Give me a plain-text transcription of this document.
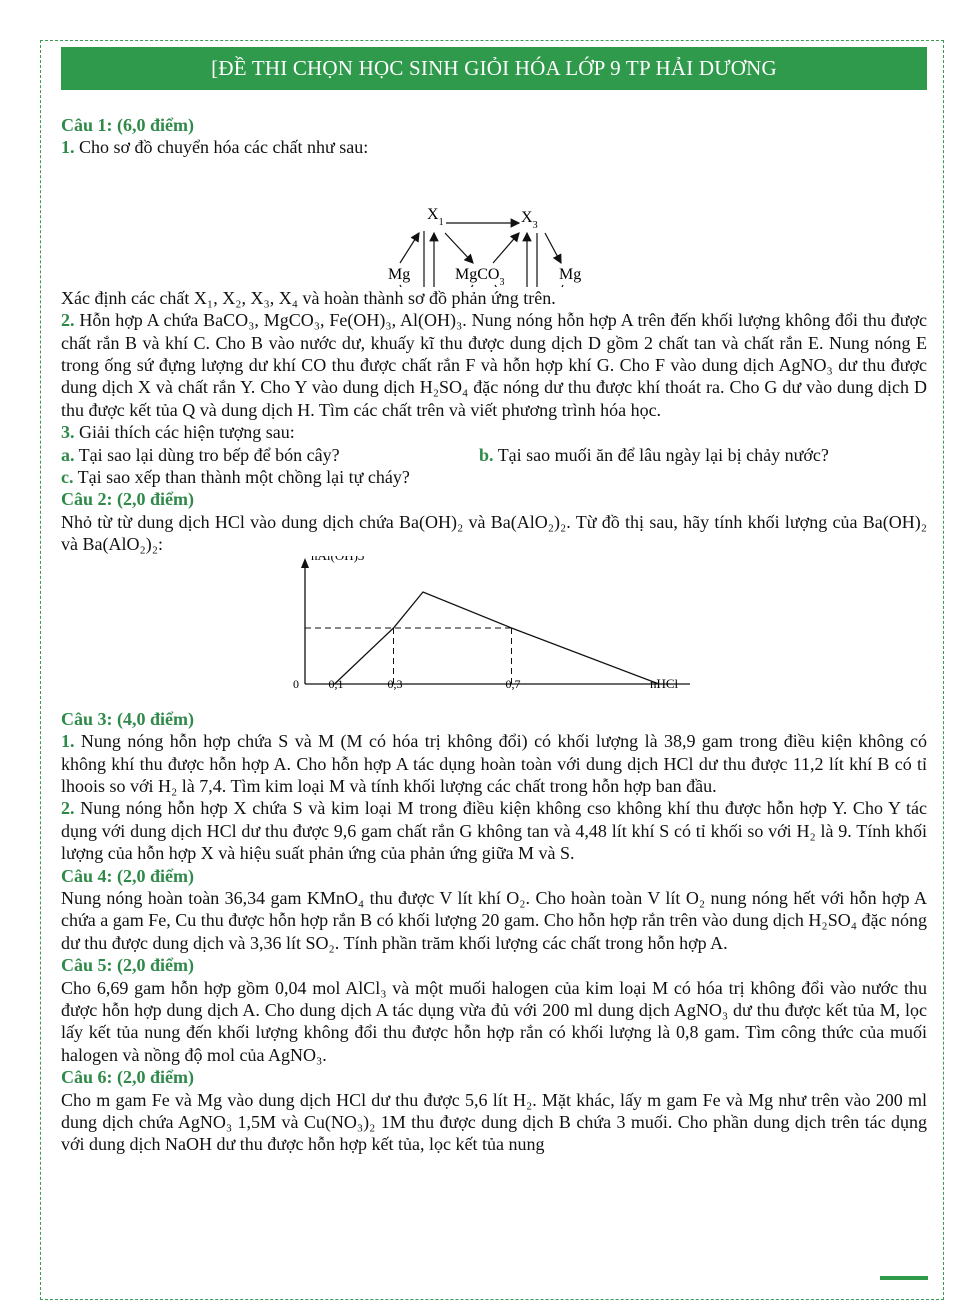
[ĐỀ THI CHỌN HỌC SINH GIỎI HÓA LỚP 9 TP HẢI DƯƠNG

Câu 1: (6,0 điểm)

1. Cho sơ đồ chuyển hóa các chất như sau:

$X_1$	$X_3$
Mg	MgCO$_3$	Mg

Xác định các chất X₁, X₂, X₃, X₄ và hoàn thành sơ đồ phản ứng trên.

2. Hỗn hợp A chứa BaCO₃, MgCO₃, Fe(OH)₃, Al(OH)₃. Nung nóng hỗn hợp A trên đến khối lượng không đổi thu được chất rắn B và khí C. Cho B vào nước dư, khuấy kĩ thu được dung dịch D gồm 2 chất tan và chất rắn E. Nung nóng E trong ống sứ đựng lượng dư khí CO thu được chất rắn F và hỗn hợp khí G. Cho F vào dung dịch AgNO₃ dư thu được dung dịch X và chất rắn Y. Cho Y vào dung dịch H₂SO₄ đặc nóng dư thu được khí thoát ra. Cho G dư vào dung dịch D thu được kết tủa Q và dung dịch H. Tìm các chất trên và viết phương trình hóa học.

3. Giải thích các hiện tượng sau:

a. Tại sao lại dùng tro bếp để bón cây?	b. Tại sao muối ăn để lâu ngày lại bị chảy nước?

c. Tại sao xếp than thành một chồng lại tự cháy?

Câu 2: (2,0 điểm)

Nhỏ từ từ dung dịch HCl vào dung dịch chứa Ba(OH)₂ và Ba(AlO₂)₂. Từ đồ thị sau, hãy tính khối lượng của Ba(OH)₂ và Ba(AlO₂)₂:

nHCl
0 0,1	0,3	0,7

Câu 3: (4,0 điểm)

1. Nung nóng hỗn hợp chứa S và M (M có hóa trị không đổi) có khối lượng là 38,9 gam trong điều kiện không có không khí thu được hỗn hợp A. Cho hỗn hợp A tác dụng hoàn toàn với dung dịch HCl dư thu được 11,2 lít khí B có tỉ lhoois so với H₂ là 7,4. Tìm kim loại M và tính khối lượng các chất trong hỗn hợp ban đầu.

2. Nung nóng hỗn hợp X chứa S và kim loại M trong điều kiện không cso không khí thu được hỗn hợp Y. Cho Y tác dụng với dung dịch HCl dư thu được 9,6 gam chất rắn G không tan và 4,48 lít khí S có tỉ khối so với H₂ là 9. Tính khối lượng của hỗn hợp X và hiệu suất phản ứng của phản ứng giữa M và S.

Câu 4: (2,0 điểm)

Nung nóng hoàn toàn 36,34 gam KMnO₄ thu được V lít khí O₂. Cho hoàn toàn V lít O₂ nung nóng hết với hỗn hợp A chứa a gam Fe, Cu thu được hỗn hợp rắn B có khối lượng 20 gam. Cho hỗn hợp rắn trên vào dung dịch H₂SO₄ đặc nóng dư thu được dung dịch và 3,36 lít SO₂. Tính phần trăm khối lượng các chất trong hỗn hợp A.

Câu 5: (2,0 điểm)

Cho 6,69 gam hỗn hợp gồm 0,04 mol AlCl₃ và một muối halogen của kim loại M có hóa trị không đổi vào nước thu được hỗn hợp dung dịch A. Cho dung dịch A tác dụng vừa đủ với 200 ml dung dịch AgNO₃ dư thu được kết tủa M, lọc lấy kết tủa nung đến khối lượng không đổi thu được hỗn hợp rắn có khối lượng là 0,8 gam. Tìm công thức của muối halogen và nồng độ mol của AgNO₃.

Câu 6: (2,0 điểm)

Cho m gam Fe và Mg vào dung dịch HCl dư thu được 5,6 lít H₂. Mặt khác, lấy m gam Fe và Mg như trên vào 200 ml dung dịch chứa AgNO₃ 1,5M và Cu(NO₃)₂ 1M thu được dung dịch B chứa 3 muối. Cho phần dung dịch trên tác dụng với dung dịch NaOH dư thu được hỗn hợp kết tủa, lọc kết tủa nung
